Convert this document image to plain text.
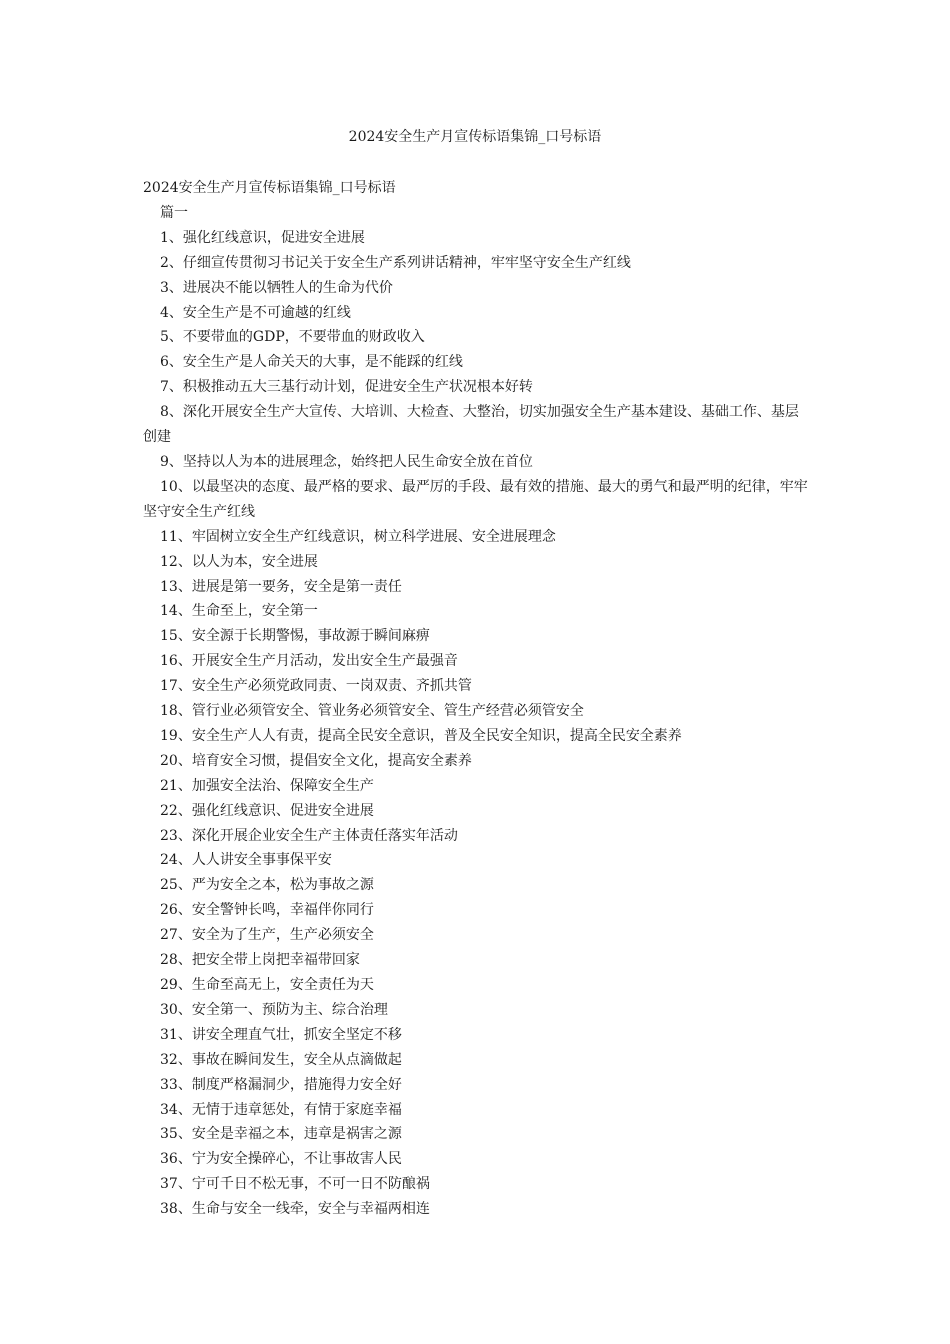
2024安全生产月宣传标语集锦_口号标语

2024安全生产月宣传标语集锦_口号标语

篇一

1、强化红线意识，促进安全进展

2、仔细宣传贯彻习书记关于安全生产系列讲话精神，牢牢坚守安全生产红线

3、进展决不能以牺牲人的生命为代价

4、安全生产是不可逾越的红线

5、不要带血的GDP，不要带血的财政收入

6、安全生产是人命关天的大事，是不能踩的红线

7、积极推动五大三基行动计划，促进安全生产状况根本好转

8、深化开展安全生产大宣传、大培训、大检查、大整治，切实加强安全生产基本建设、基础工作、基层创建

9、坚持以人为本的进展理念，始终把人民生命安全放在首位

10、以最坚决的态度、最严格的要求、最严厉的手段、最有效的措施、最大的勇气和最严明的纪律，牢牢坚守安全生产红线

11、牢固树立安全生产红线意识，树立科学进展、安全进展理念

12、以人为本，安全进展

13、进展是第一要务，安全是第一责任

14、生命至上，安全第一

15、安全源于长期警惕，事故源于瞬间麻痹

16、开展安全生产月活动，发出安全生产最强音

17、安全生产必须党政同责、一岗双责、齐抓共管

18、管行业必须管安全、管业务必须管安全、管生产经营必须管安全

19、安全生产人人有责，提高全民安全意识，普及全民安全知识，提高全民安全素养

20、培育安全习惯，提倡安全文化，提高安全素养

21、加强安全法治、保障安全生产

22、强化红线意识、促进安全进展

23、深化开展企业安全生产主体责任落实年活动

24、人人讲安全事事保平安

25、严为安全之本，松为事故之源

26、安全警钟长鸣，幸福伴你同行

27、安全为了生产，生产必须安全

28、把安全带上岗把幸福带回家

29、生命至高无上，安全责任为天

30、安全第一、预防为主、综合治理

31、讲安全理直气壮，抓安全坚定不移

32、事故在瞬间发生，安全从点滴做起

33、制度严格漏洞少，措施得力安全好

34、无情于违章惩处，有情于家庭幸福

35、安全是幸福之本，违章是祸害之源

36、宁为安全操碎心，不让事故害人民

37、宁可千日不松无事，不可一日不防酿祸

38、生命与安全一线牵，安全与幸福两相连
